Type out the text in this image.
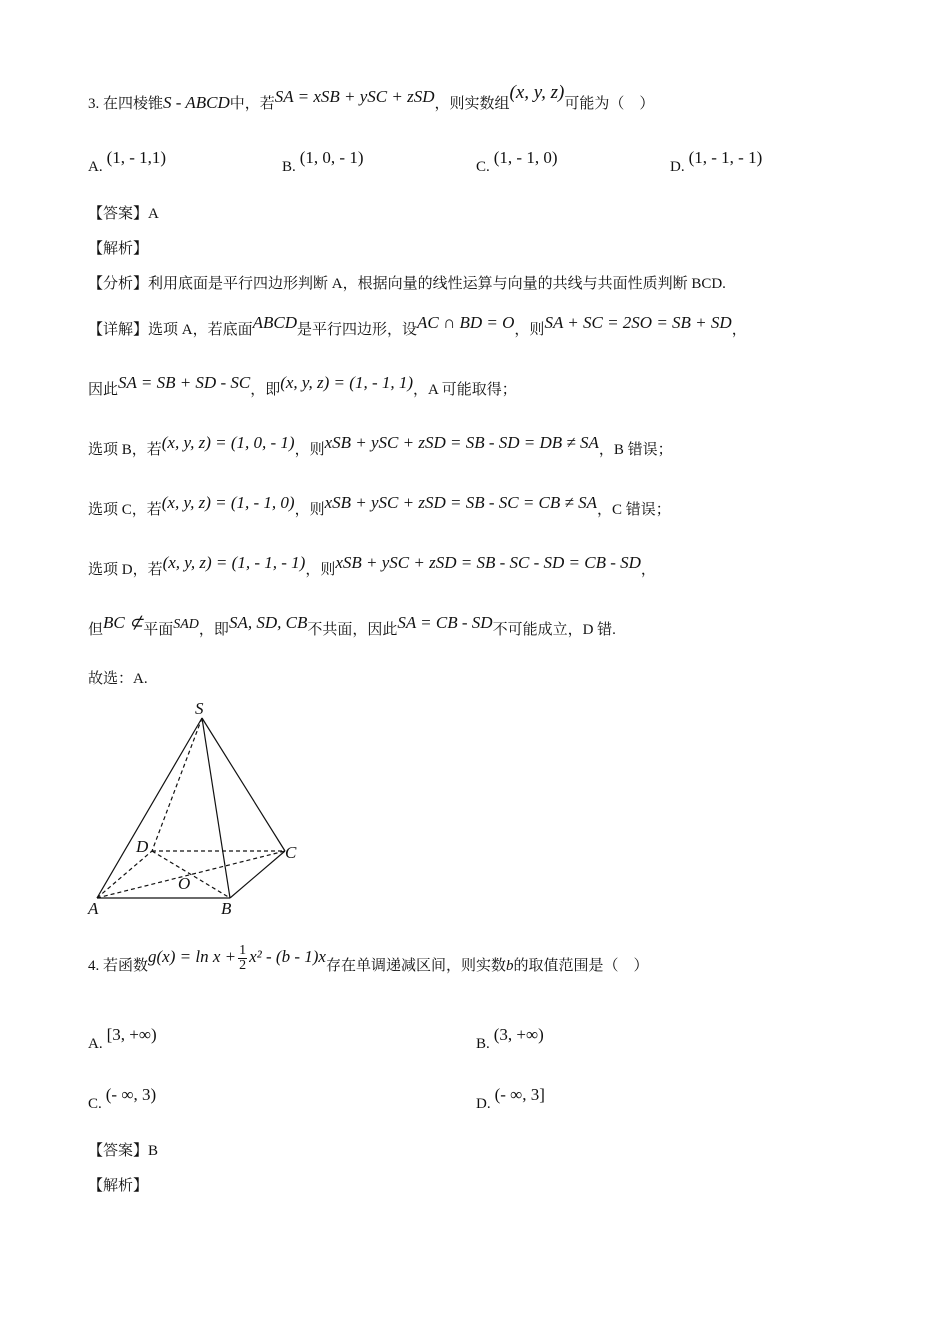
3. 在四棱锥S - ABCD中，若SA = xSB + ySC + zSD，则实数组(x, y, z)可能为（　）
A. (1, - 1,1)	B. (1, 0, - 1)	C. (1, - 1, 0)	D. (1, - 1, - 1)
【答案】A
【解析】
【分析】利用底面是平行四边形判断 A，根据向量的线性运算与向量的共线与共面性质判断 BCD.
【详解】选项 A，若底面ABCD是平行四边形，设AC ∩ BD = O，则SA + SC = 2SO = SB + SD，
因此SA = SB + SD - SC，即(x, y, z) = (1, - 1, 1)，A 可能取得；
选项 B，若(x, y, z) = (1, 0, - 1)，则xSB + ySC + zSD = SB - SD = DB ≠ SA，B 错误；
选项 C，若(x, y, z) = (1, - 1, 0)，则xSB + ySC + zSD = SB - SC = CB ≠ SA，C 错误；
选项 D，若(x, y, z) = (1, - 1, - 1)，则xSB + ySC + zSD = SB - SC - SD = CB - SD，
但BC ⊄平面SAD，即SA, SD, CB不共面，因此SA = CB - SD不可能成立，D 错.
故选：A.
S
A	B
C
D
O
4. 若函数$g(x) = \ln x + \frac{1}{2} x^2 - (b - 1)x$存在单调递减区间，则实数b的取值范围是（　）
A. [3, +∞)	B. (3, +∞)
C. (- ∞, 3)	D. (- ∞, 3]
【答案】B
【解析】
